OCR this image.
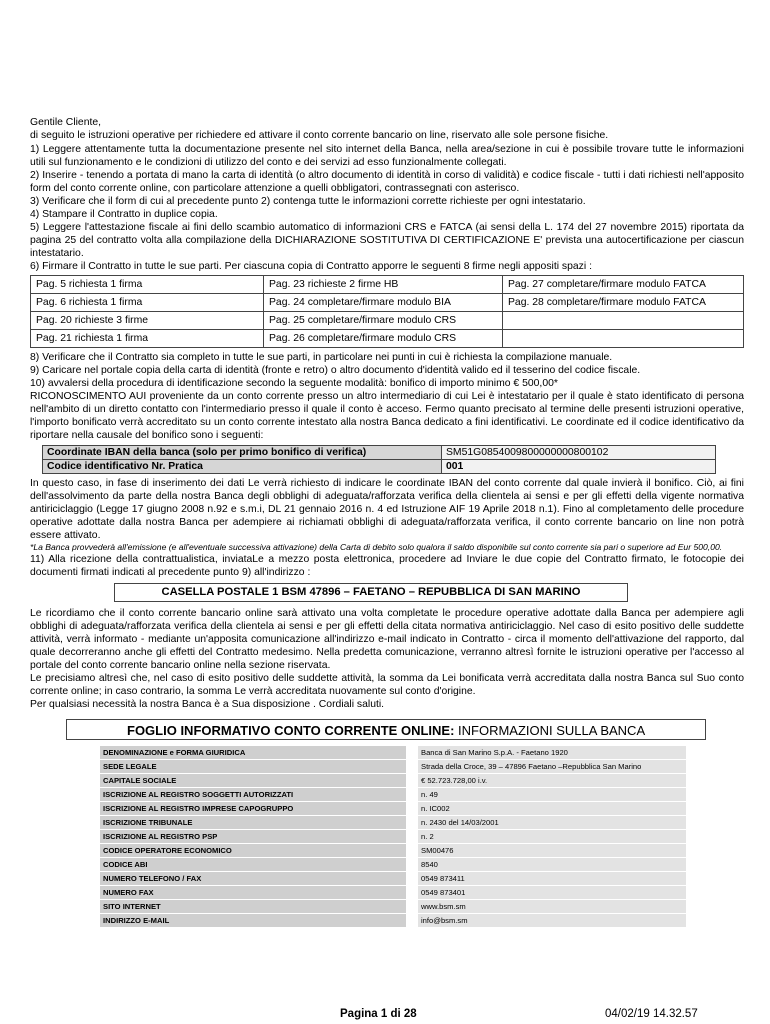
Gentile Cliente,

di seguito le istruzioni operative per richiedere ed attivare il conto corrente bancario on line, riservato alle sole persone fisiche.

1) Leggere attentamente tutta la documentazione presente nel sito internet della Banca, nella area/sezione in cui è possibile trovare tutte le informazioni utili sul funzionamento e le condizioni di utilizzo del conto e dei servizi ad esso funzionalmente collegati.

2) Inserire - tenendo a portata di mano la carta di identità (o altro documento di identità in corso di validità) e codice fiscale - tutti i dati richiesti nell'apposito form del conto corrente online, con particolare attenzione a quelli obbligatori, contrassegnati con asterisco.

3) Verificare che il form di cui al precedente punto 2) contenga tutte le informazioni corrette richieste per ogni intestatario.

4) Stampare il Contratto in duplice copia.

5) Leggere l'attestazione fiscale ai fini dello scambio automatico di informazioni CRS e FATCA (ai sensi della L. 174 del 27 novembre 2015) riportata da pagina 25 del contratto volta alla compilazione della DICHIARAZIONE SOSTITUTIVA DI CERTIFICAZIONE E' prevista una autocertificazione per ciascun intestatario.

6) Firmare il Contratto in tutte le sue parti. Per ciascuna copia di Contratto apporre le seguenti 8 firme negli appositi spazi :

Pag. 5 richiesta 1 firma	Pag. 23 richieste 2 firme HB	Pag. 27 completare/firmare modulo FATCA
Pag. 6 richiesta 1 firma	Pag. 24 completare/firmare modulo BIA	Pag. 28 completare/firmare modulo FATCA
Pag. 20 richieste 3 firme	Pag. 25 completare/firmare modulo CRS	
Pag. 21 richiesta 1 firma	Pag. 26 completare/firmare modulo CRS	

8) Verificare che il Contratto sia completo in tutte le sue parti, in particolare nei punti in cui è richiesta la compilazione manuale.

9) Caricare nel portale copia della carta di identità (fronte e retro) o altro documento d'identità valido ed il tesserino del codice fiscale.

10) avvalersi della procedura di identificazione secondo la seguente modalità: bonifico di importo minimo € 500,00*

RICONOSCIMENTO AUI proveniente da un conto corrente presso un altro intermediario di cui Lei è intestatario per il quale è stato identificato di persona nell'ambito di un diretto contatto con l'intermediario presso il quale il conto è acceso. Fermo quanto precisato al termine delle presenti istruzioni operative, l'importo bonificato verrà accreditato su un conto corrente intestato alla nostra Banca dedicato a fini identificativi. Le coordinate ed il codice identificativo da riportare nella causale del bonifico sono i seguenti:

Coordinate IBAN della banca (solo per primo bonifico di verifica)	SM51G0854009800000000800102
Codice identificativo Nr. Pratica	001

In questo caso, in fase di inserimento dei dati Le verrà richiesto di indicare le coordinate IBAN del conto corrente dal quale invierà il bonifico. Ciò, ai fini dell'assolvimento da parte della nostra Banca degli obblighi di adeguata/rafforzata verifica della clientela ai sensi e per gli effetti della vigente normativa antiriciclaggio (Legge 17 giugno 2008 n.92 e s.m.i, DL 21 gennaio 2016 n. 4 ed Istruzione AIF 19 Aprile 2018 n.1). Fino al completamento delle procedure operative adottate dalla nostra Banca per adempiere ai richiamati obblighi di adeguata/rafforzata verifica, il conto corrente bancario on line non potrà essere attivato.

*La Banca provvederà all'emissione (e all'eventuale successiva attivazione) della Carta di debito solo qualora il saldo disponibile sul conto corrente sia pari o superiore ad Eur 500,00.

11) Alla ricezione della contrattualistica, inviataLe a mezzo posta elettronica, procedere ad Inviare le due copie del Contratto firmato, le fotocopie dei documenti firmati indicati al precedente punto 9) all'indirizzo :

CASELLA POSTALE 1 BSM 47896 – FAETANO – REPUBBLICA DI SAN MARINO

Le ricordiamo che il conto corrente bancario online sarà attivato una volta completate le procedure operative adottate dalla Banca per adempiere agli obblighi di adeguata/rafforzata verifica della clientela ai sensi e per gli effetti della citata normativa antiriciclaggio. Nel caso di esito positivo delle suddette attività, verrà informato - mediante un'apposita comunicazione all'indirizzo e-mail indicato in Contratto - circa il momento dell'attivazione del rapporto, dal quale decorreranno anche gli effetti del Contratto medesimo. Nella predetta comunicazione, verranno altresì fornite le istruzioni operative per l'accesso al portale del conto corrente bancario online nella sezione riservata.

Le precisiamo altresì che, nel caso di esito positivo delle suddette attività, la somma da Lei bonificata verrà accreditata dalla nostra Banca sul Suo conto corrente online; in caso contrario, la somma Le verrà accreditata nuovamente sul conto d'origine.

Per qualsiasi necessità la nostra Banca è a Sua disposizione . Cordiali saluti.

FOGLIO INFORMATIVO CONTO CORRENTE ONLINE: INFORMAZIONI SULLA BANCA
DENOMINAZIONE e FORMA GIURIDICA		Banca di San Marino S.p.A. - Faetano 1920
SEDE LEGALE		Strada della Croce, 39 – 47896 Faetano –Repubblica San Marino
CAPITALE SOCIALE		€ 52.723.728,00 i.v.
ISCRIZIONE AL REGISTRO SOGGETTI AUTORIZZATI		n. 49
ISCRIZIONE AL REGISTRO IMPRESE CAPOGRUPPO		n. IC002
ISCRIZIONE TRIBUNALE		n. 2430 del 14/03/2001
ISCRIZIONE AL REGISTRO PSP		n. 2
CODICE OPERATORE ECONOMICO		SM00476
CODICE ABI		8540
NUMERO TELEFONO / FAX		0549 873411
NUMERO FAX		0549 873401
SITO INTERNET		www.bsm.sm
INDIRIZZO E-MAIL		info@bsm.sm
Pagina 1 di 28	04/02/19 14.32.57
